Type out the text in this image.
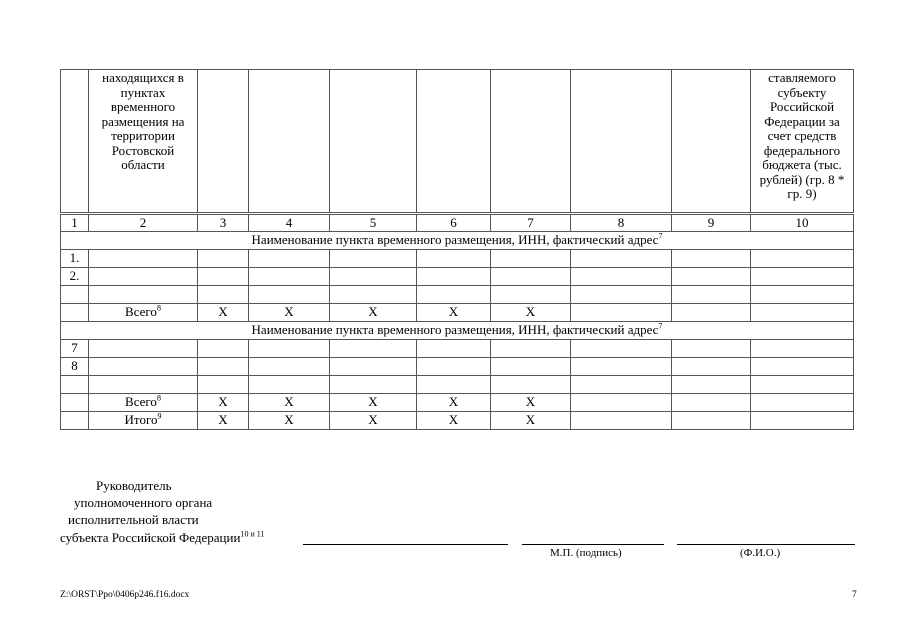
	находящихся в пунктах временного размещения на территории Ростовской области								ставляемого субъекту Российской Федерации за счет средств федерального бюджета (тыс. рублей) (гр. 8 * гр. 9)
1	2	3	4	5	6	7	8	9	10
Наименование пункта временного размещения, ИНН, фактический адрес$^7$
1.									
2.									

	Всего$^8$	Х	Х	Х	Х	Х			
Наименование пункта временного размещения, ИНН, фактический адрес$^7$
7									
8									

	Всего$^8$	Х	Х	Х	Х	Х			
	Итого$^9$	Х	Х	Х	Х	Х			
Руководитель
уполномоченного органа
исполнительной власти
субъекта Российской Федерации$^{10 и 11}$
М.П. (подпись)	(Ф.И.О.)
Z:\ORST\Ppo\0406p246.f16.docx	7
